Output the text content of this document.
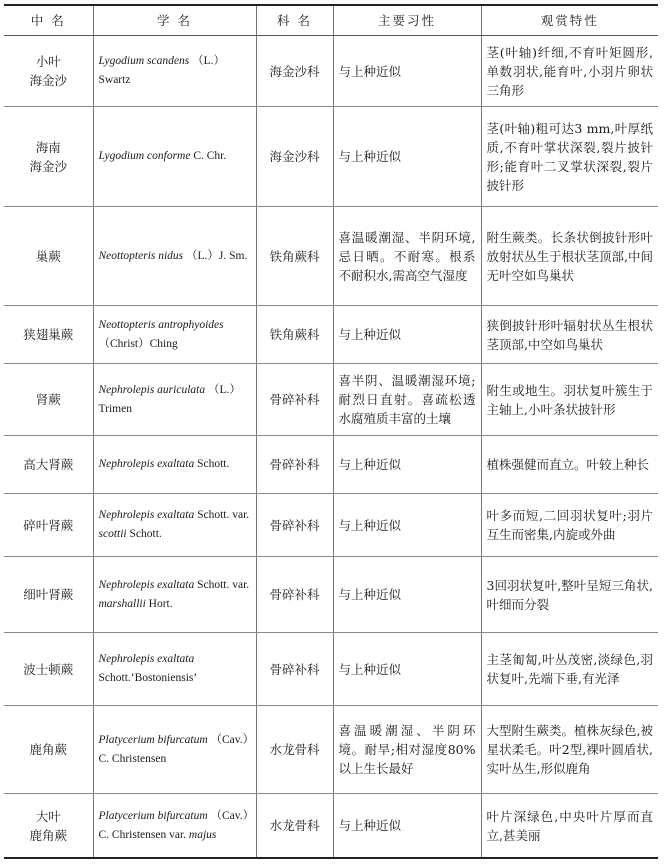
中 名	学 名	科 名	主要习性	观赏特性

小叶
海金沙	Lygodium scandens （L.）Swartz	海金沙科	与上种近似	茎(叶轴)纤细,不育叶矩圆形,单数羽状,能育叶,小羽片卵状三角形

海南
海金沙	Lygodium conforme C. Chr.	海金沙科	与上种近似	茎(叶轴)粗可达3 mm,叶厚纸质,不育叶掌状深裂,裂片披针形;能育叶二叉掌状深裂,裂片披针形

巢蕨	Neottopteris nidus （L.）J. Sm.	铁角蕨科	喜温暖潮湿、半阴环境,忌日晒。不耐寒。根系不耐积水,需高空气湿度	附生蕨类。长条状倒披针形叶放射状丛生于根状茎顶部,中间无叶空如鸟巢状

狭翅巢蕨	Neottopteris antrophyoides （Christ）Ching	铁角蕨科	与上种近似	狭倒披针形叶辐射状丛生根状茎顶部,中空如鸟巢状

肾蕨	Nephrolepis auriculata （L.）Trimen	骨碎补科	喜半阴、温暖潮湿环境;耐烈日直射。喜疏松透水腐殖质丰富的土壤	附生或地生。羽状复叶簇生于主轴上,小叶条状披针形

高大肾蕨	Nephrolepis exaltata Schott.	骨碎补科	与上种近似	植株强健而直立。叶较上种长

碎叶肾蕨	Nephrolepis exaltata Schott. var. scottii Schott.	骨碎补科	与上种近似	叶多而短,二回羽状复叶;羽片互生而密集,内旋或外曲

细叶肾蕨	Nephrolepis exaltata Schott. var. marshallii Hort.	骨碎补科	与上种近似	3回羽状复叶,整叶呈短三角状,叶细而分裂

波士顿蕨	Nephrolepis exaltata Schott.‘Bostoniensis’	骨碎补科	与上种近似	主茎匍匐,叶丛茂密,淡绿色,羽状复叶,先端下垂,有光泽

鹿角蕨	Platycerium bifurcatum （Cav.）C. Christensen	水龙骨科	喜温暖潮湿、半阴环境。耐旱;相对湿度80%以上生长最好	大型附生蕨类。植株灰绿色,被星状柔毛。叶2型,裸叶圆盾状,实叶丛生,形似鹿角

大叶
鹿角蕨	Platycerium bifurcatum （Cav.）C. Christensen var. majus	水龙骨科	与上种近似	叶片深绿色,中央叶片厚而直立,甚美丽
